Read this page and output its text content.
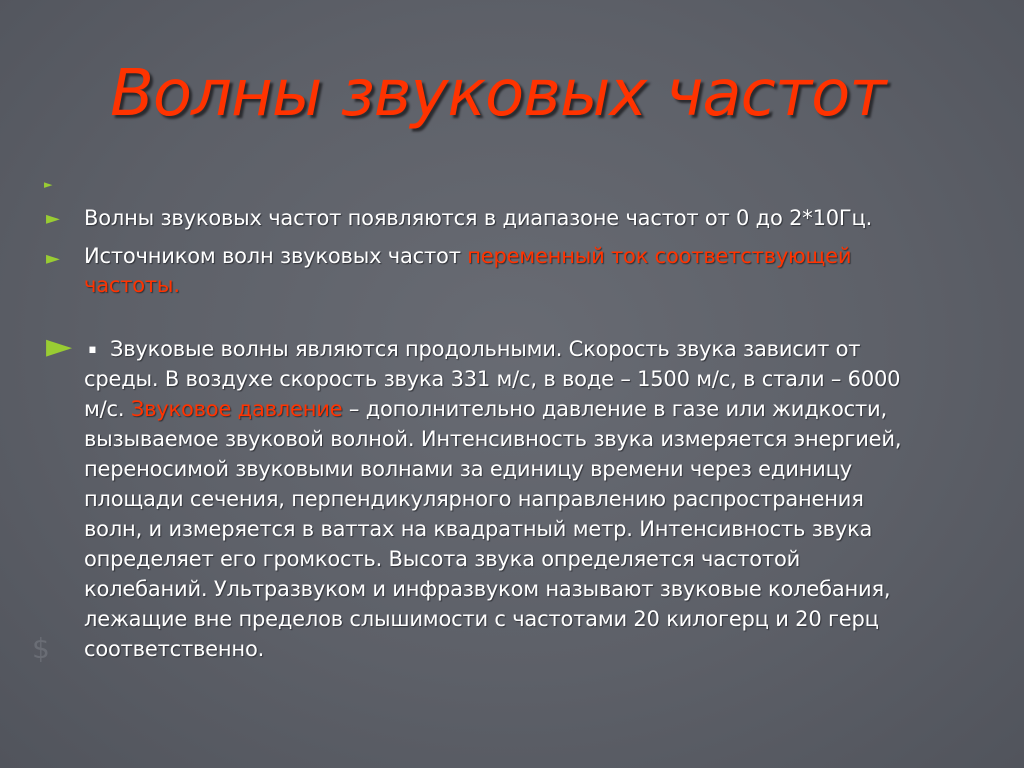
$
Волны звуковых частот
►
► Волны звуковых частот появляются в диапазоне частот от 0 до 2*10Гц.
► Источником волн звуковых частот переменный ток соответствующей
частоты.
► . Звуковые волны являются продольными. Скорость звука зависит от
среды. В воздухе скорость звука 331 м/с, в воде – 1500 м/с, в стали – 6000
м/с. Звуковое давление – дополнительно давление в газе или жидкости,
вызываемое звуковой волной. Интенсивность звука измеряется энергией,
переносимой звуковыми волнами за единицу времени через единицу
площади сечения, перпендикулярного направлению распространения
волн, и измеряется в ваттах на квадратный метр. Интенсивность звука
определяет его громкость. Высота звука определяется частотой
колебаний. Ультразвуком и инфразвуком называют звуковые колебания,
лежащие вне пределов слышимости с частотами 20 килогерц и 20 герц
соответственно.
